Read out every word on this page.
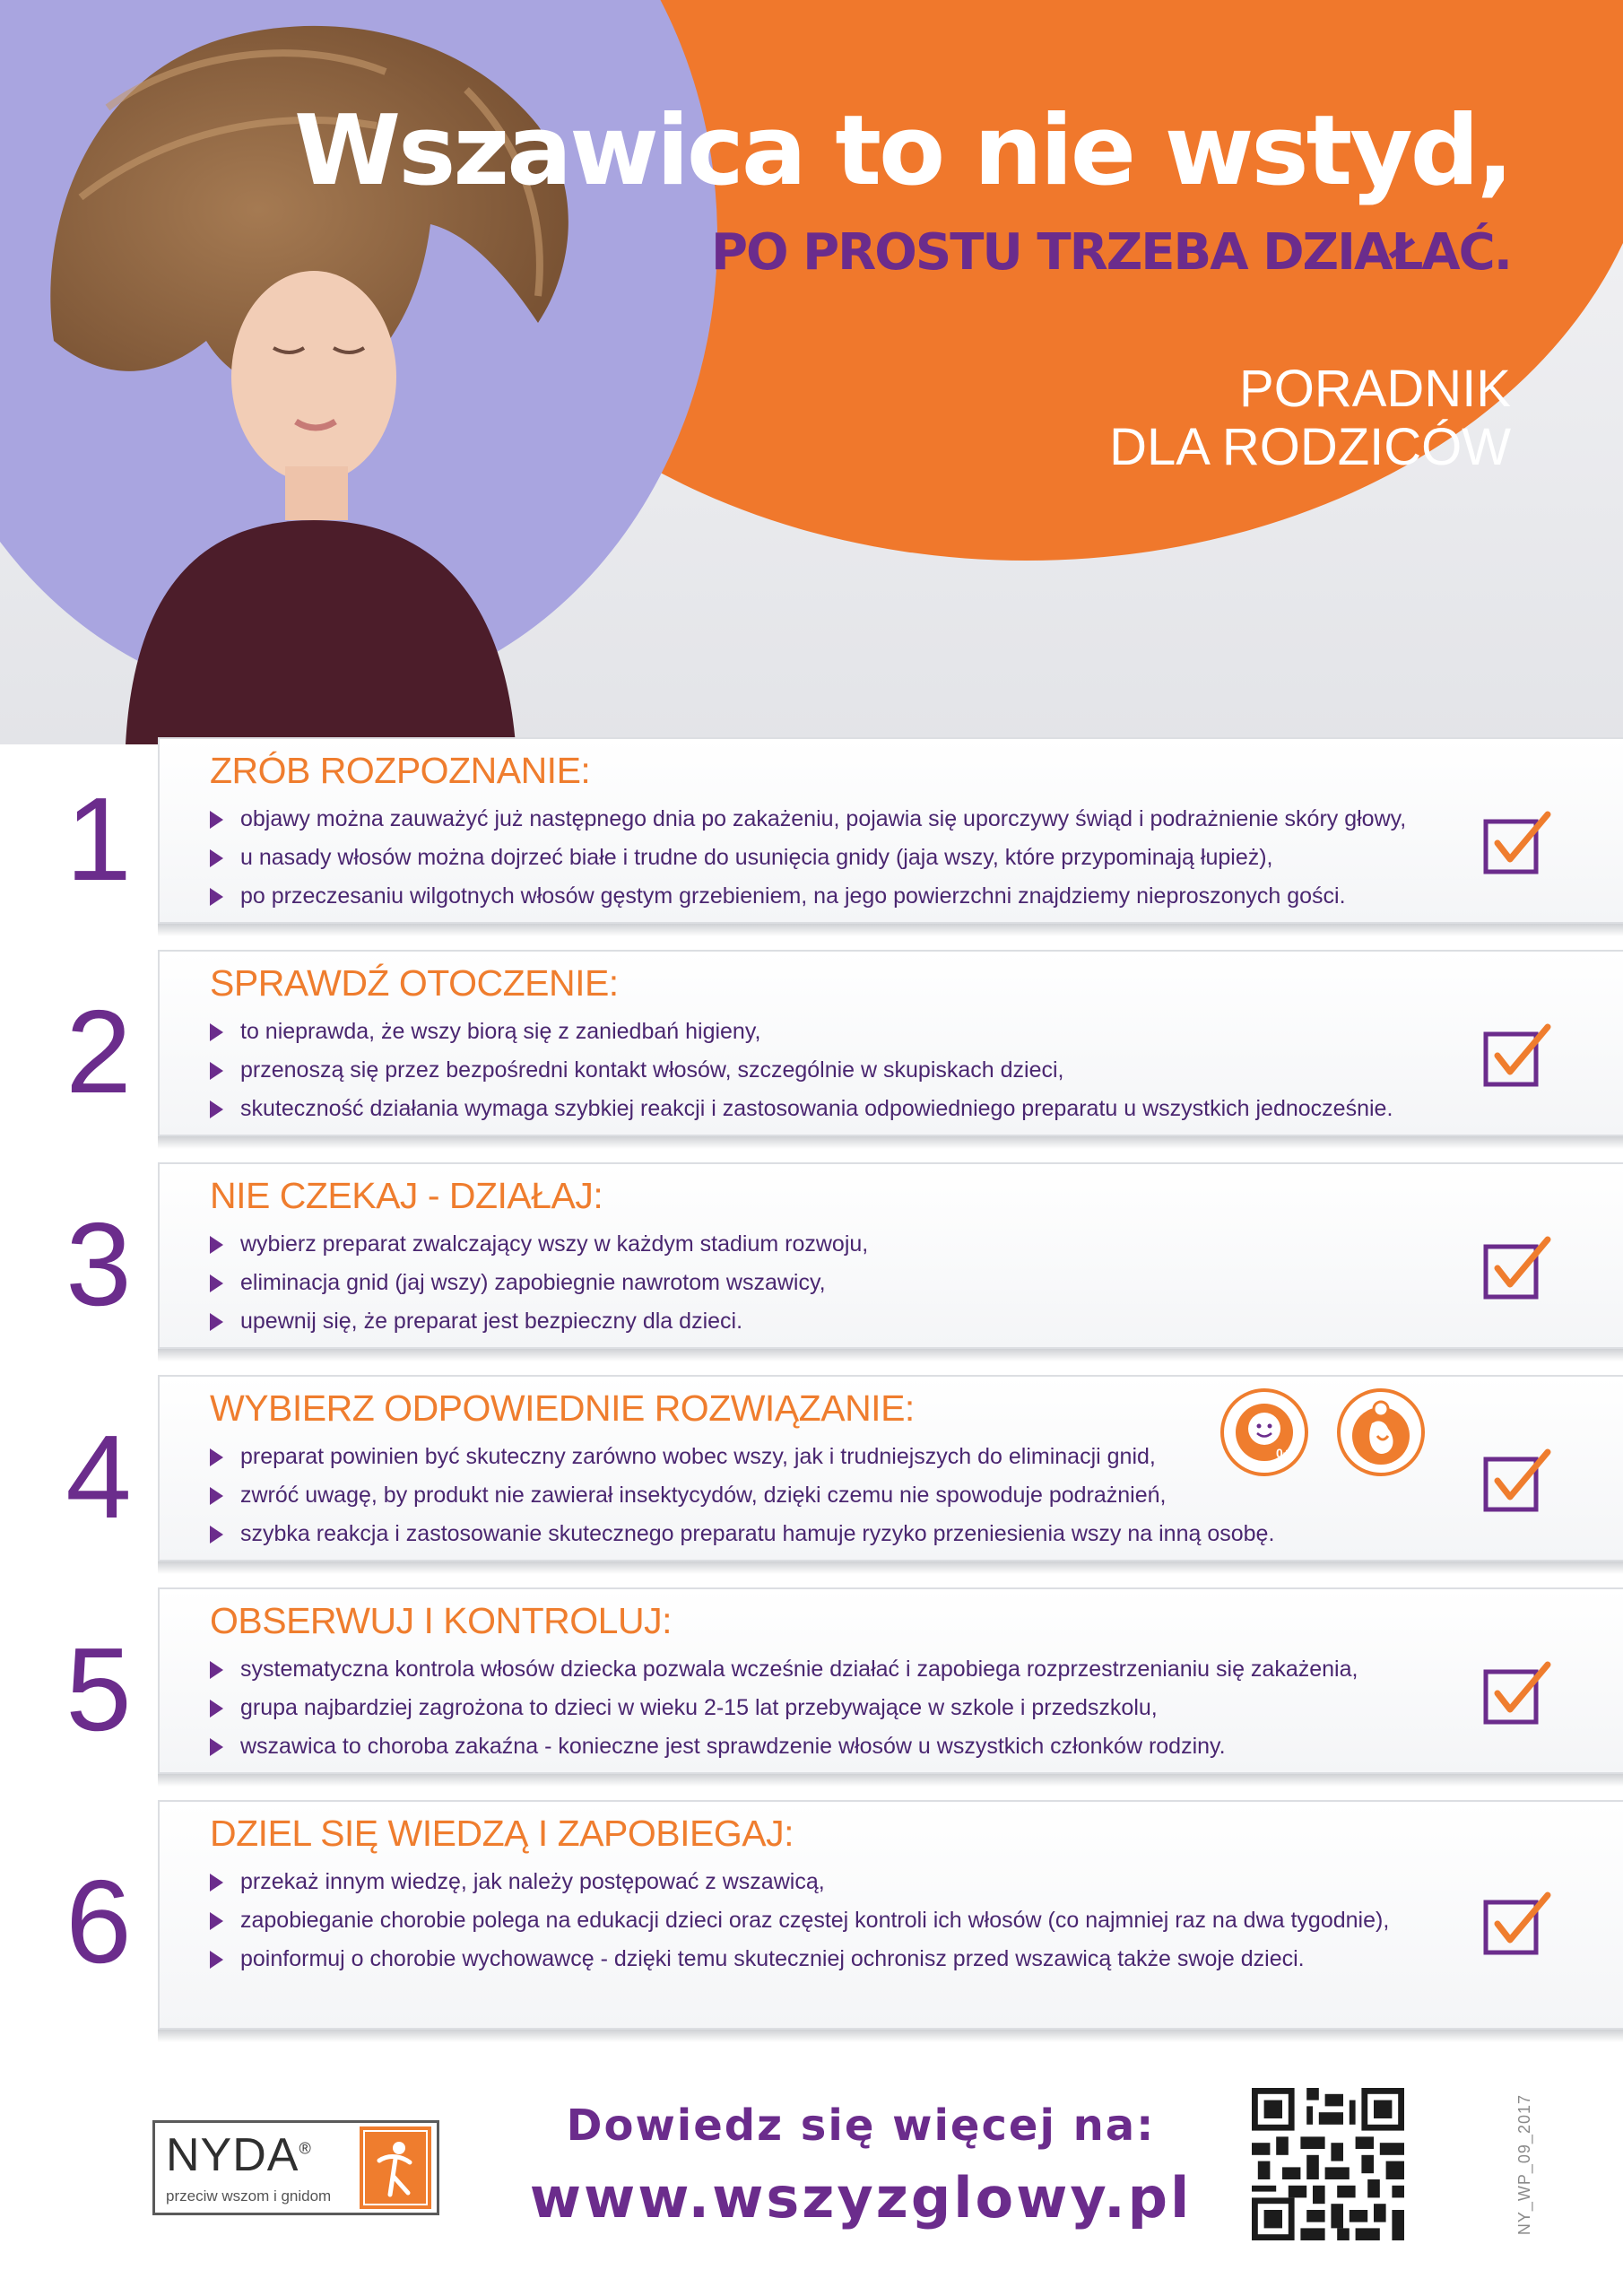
Wszawica to nie wstyd,
PO PROSTU TRZEBA DZIAŁAĆ.
PORADNIK
DLA RODZICÓW
1
ZRÓB ROZPOZNANIE:
objawy można zauważyć już następnego dnia po zakażeniu, pojawia się uporczywy świąd i podrażnienie skóry głowy,
u nasady włosów można dojrzeć białe i trudne do usunięcia gnidy (jaja wszy, które przypominają łupież),
po przeczesaniu wilgotnych włosów gęstym grzebieniem, na jego powierzchni znajdziemy nieproszonych gości.
2
SPRAWDŹ OTOCZENIE:
to nieprawda, że wszy biorą się z zaniedbań higieny,
przenoszą się przez bezpośredni kontakt włosów, szczególnie w skupiskach dzieci,
skuteczność działania wymaga szybkiej reakcji i zastosowania odpowiedniego preparatu u wszystkich jednocześnie.
3
NIE CZEKAJ - DZIAŁAJ:
wybierz preparat zwalczający wszy w każdym stadium rozwoju,
eliminacja gnid (jaj wszy) zapobiegnie nawrotom wszawicy,
upewnij się, że preparat jest bezpieczny dla dzieci.
4
WYBIERZ ODPOWIEDNIE ROZWIĄZANIE:
preparat powinien być skuteczny zarówno wobec wszy, jak i trudniejszych do eliminacji gnid,
zwróć uwagę, by produkt nie zawierał insektycydów, dzięki czemu nie spowoduje podrażnień,
szybka reakcja i zastosowanie skutecznego preparatu hamuje ryzyko przeniesienia wszy na inną osobę.
5
OBSERWUJ I KONTROLUJ:
systematyczna kontrola włosów dziecka pozwala wcześnie działać i zapobiega rozprzestrzenianiu się zakażenia,
grupa najbardziej zagrożona to dzieci w wieku 2-15 lat przebywające w szkole i przedszkolu,
wszawica to choroba zakaźna - konieczne jest sprawdzenie włosów u wszystkich członków rodziny.
6
DZIEL SIĘ WIEDZĄ I ZAPOBIEGAJ:
przekaż innym wiedzę, jak należy postępować z wszawicą,
zapobieganie chorobie polega na edukacji dzieci oraz częstej kontroli ich włosów (co najmniej raz na dwa tygodnie),
poinformuj o chorobie wychowawcę - dzięki temu skuteczniej ochronisz przed wszawicą także swoje dzieci.
0+
NYDA®
przeciw wszom i gnidom
Dowiedz się więcej na:
www.wszyzglowy.pl	NY_WP_09_2017
